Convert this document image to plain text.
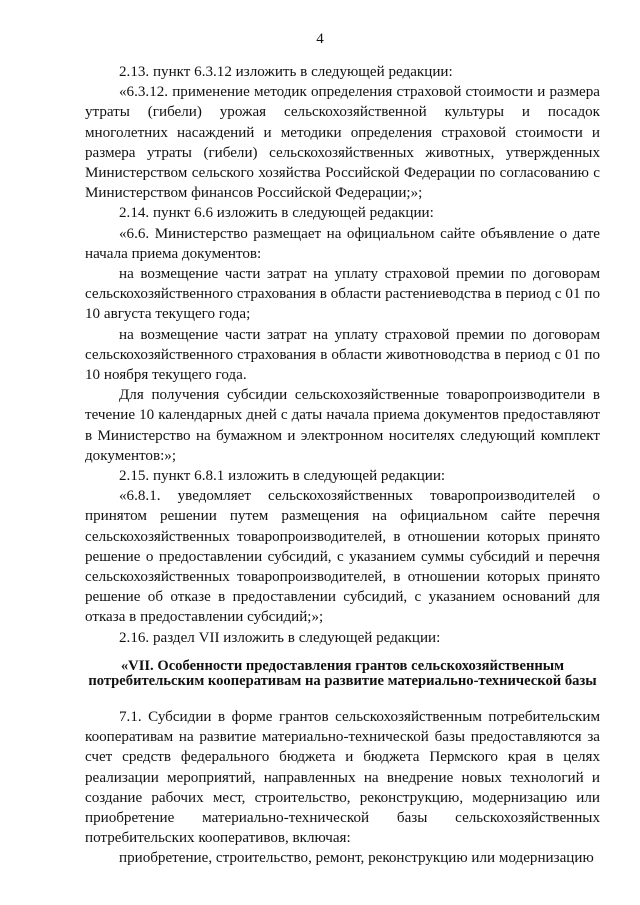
4

2.13. пункт 6.3.12 изложить в следующей редакции:

«6.3.12. применение методик определения страховой стоимости и размера утраты (гибели) урожая сельскохозяйственной культуры и посадок многолетних насаждений и методики определения страховой стоимости и размера утраты (гибели) сельскохозяйственных животных, утвержденных Министерством сельского хозяйства Российской Федерации по согласованию с Министерством финансов Российской Федерации;»;

2.14. пункт 6.6 изложить в следующей редакции:

«6.6. Министерство размещает на официальном сайте объявление о дате начала приема документов:

на возмещение части затрат на уплату страховой премии по договорам сельскохозяйственного страхования в области растениеводства в период с 01 по 10 августа текущего года;

на возмещение части затрат на уплату страховой премии по договорам сельскохозяйственного страхования в области животноводства в период с 01 по 10 ноября текущего года.

Для получения субсидии сельскохозяйственные товаропроизводители в течение 10 календарных дней с даты начала приема документов предоставляют в Министерство на бумажном и электронном носителях следующий комплект документов:»;

2.15. пункт 6.8.1 изложить в следующей редакции:

«6.8.1. уведомляет сельскохозяйственных товаропроизводителей о принятом решении путем размещения на официальном сайте перечня сельскохозяйственных товаропроизводителей, в отношении которых принято решение о предоставлении субсидий, с указанием суммы субсидий и перечня сельскохозяйственных товаропроизводителей, в отношении которых принято решение об отказе в предоставлении субсидий, с указанием оснований для отказа в предоставлении субсидий;»;

2.16. раздел VII изложить в следующей редакции:

«VII. Особенности предоставления грантов сельскохозяйственным потребительским кооперативам на развитие материально-технической базы

7.1. Субсидии в форме грантов сельскохозяйственным потребительским кооперативам на развитие материально-технической базы предоставляются за счет средств федерального бюджета и бюджета Пермского края в целях реализации мероприятий, направленных на внедрение новых технологий и создание рабочих мест, строительство, реконструкцию, модернизацию или приобретение материально-технической базы сельскохозяйственных потребительских кооперативов, включая:

приобретение, строительство, ремонт, реконструкцию или модернизацию
